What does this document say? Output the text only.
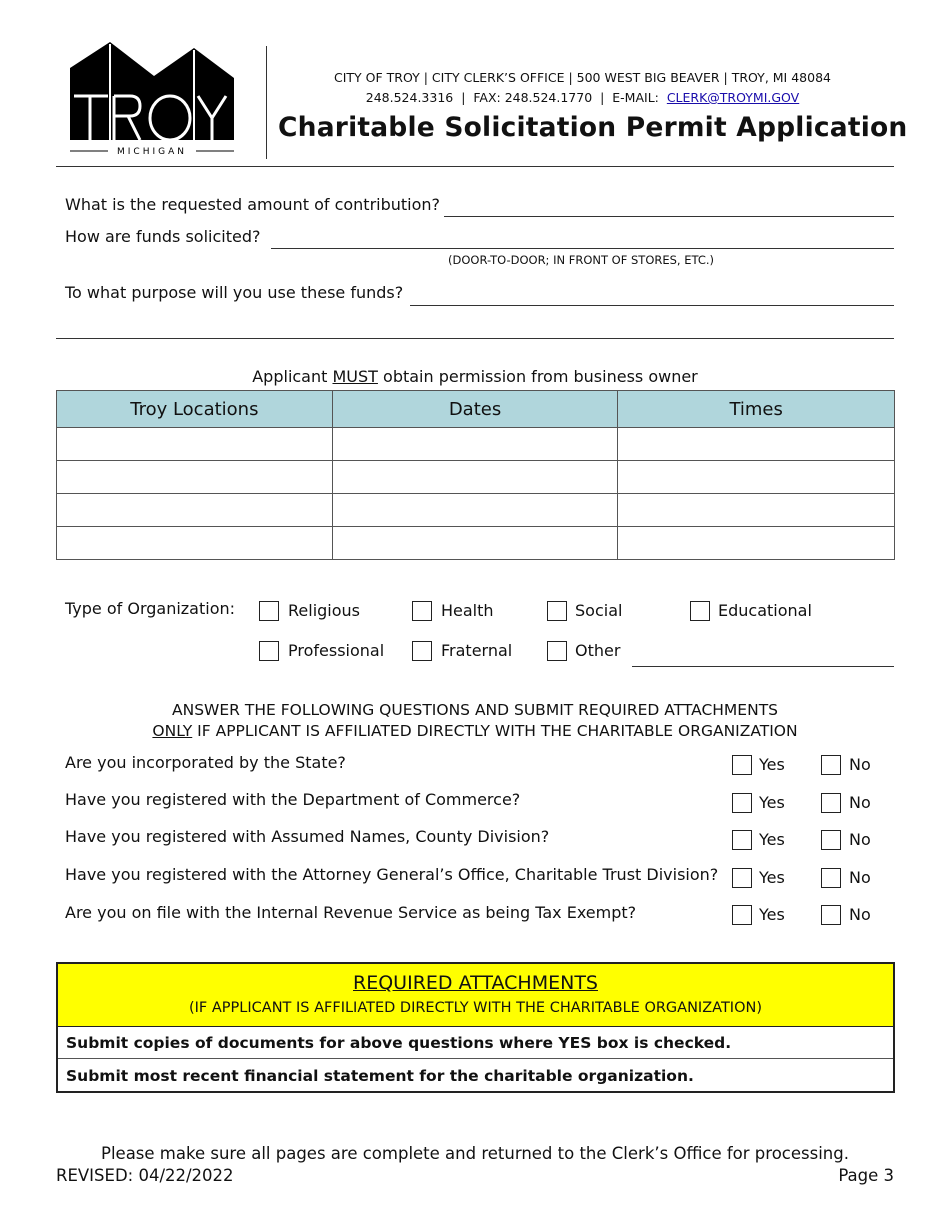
MICHIGAN
CITY OF TROY | CITY CLERK’S OFFICE | 500 WEST BIG BEAVER | TROY, MI 48084
248.524.3316  |  FAX: 248.524.1770  |  E-MAIL:  CLERK@TROYMI.GOV
Charitable Solicitation Permit Application
What is the requested amount of contribution?
How are funds solicited?
(DOOR-TO-DOOR; IN FRONT OF STORES, ETC.)
To what purpose will you use these funds?
Applicant MUST obtain permission from business owner
Troy Locations	Dates	Times

Type of Organization:	Religious	Health	Social	Educational
Professional	Fraternal	Other
ANSWER THE FOLLOWING QUESTIONS AND SUBMIT REQUIRED ATTACHMENTS
ONLY IF APPLICANT IS AFFILIATED DIRECTLY WITH THE CHARITABLE ORGANIZATION
Are you incorporated by the State?	Yes	No
Have you registered with the Department of Commerce?	Yes	No
Have you registered with Assumed Names, County Division?	Yes	No
Have you registered with the Attorney General’s Office, Charitable Trust Division?	Yes	No
Are you on file with the Internal Revenue Service as being Tax Exempt?	Yes	No
REQUIRED ATTACHMENTS
(IF APPLICANT IS AFFILIATED DIRECTLY WITH THE CHARITABLE ORGANIZATION)
Submit copies of documents for above questions where YES box is checked.
Submit most recent financial statement for the charitable organization.
Please make sure all pages are complete and returned to the Clerk’s Office for processing.
REVISED: 04/22/2022	Page 3
